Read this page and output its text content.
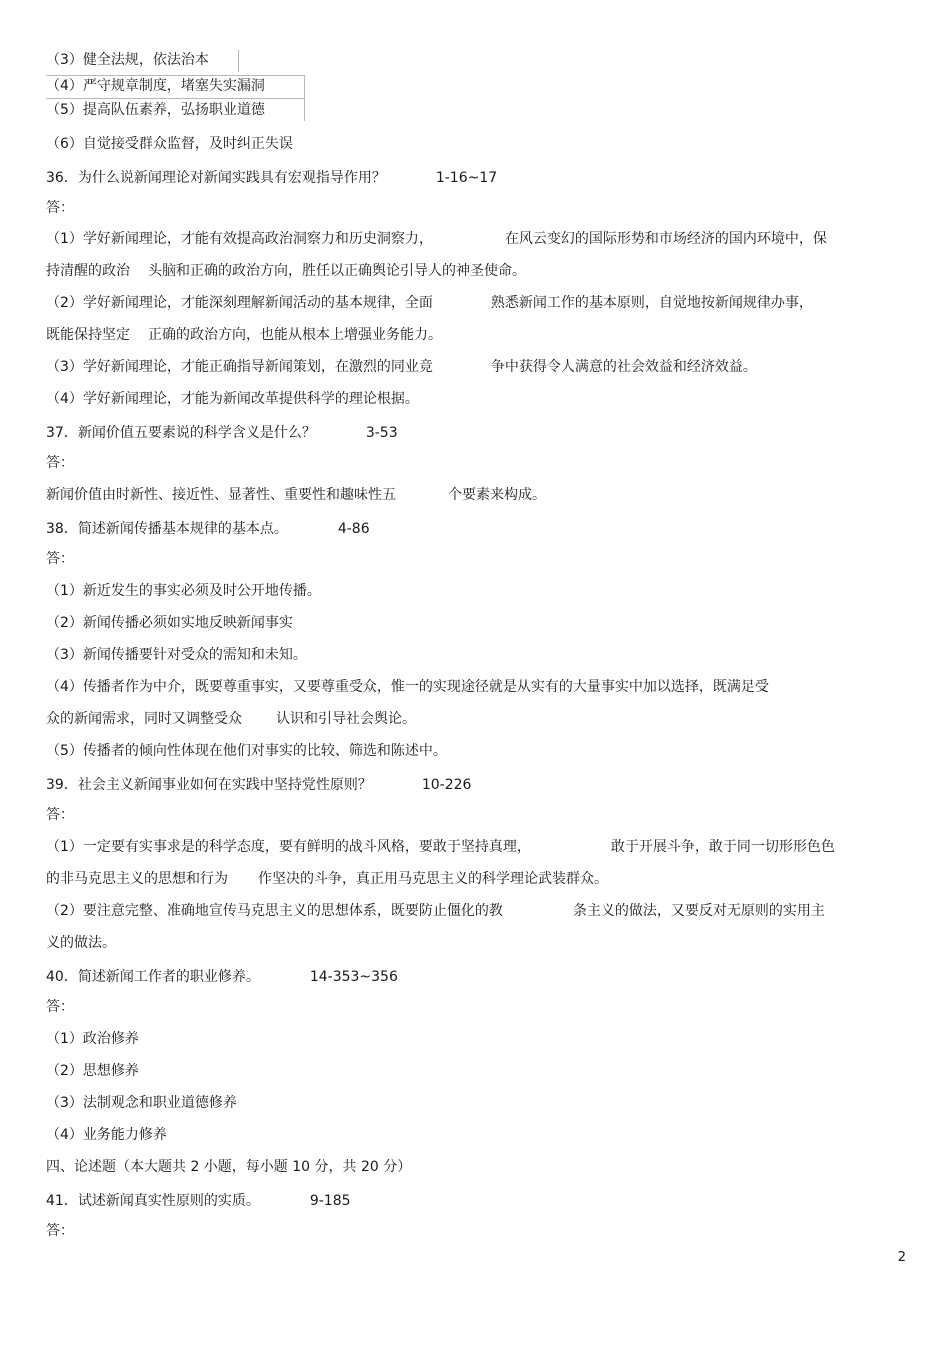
（3）健全法规，依法治本
（4）严守规章制度，堵塞失实漏洞
（5）提高队伍素养，弘扬职业道德
（6）自觉接受群众监督，及时纠正失误
36．为什么说新闻理论对新闻实践具有宏观指导作用？	1-16~17
答：
（1）学好新闻理论，才能有效提高政治洞察力和历史洞察力，	在风云变幻的国际形势和市场经济的国内环境中，保
持清醒的政治 头脑和正确的政治方向，胜任以正确舆论引导人的神圣使命。
（2）学好新闻理论，才能深刻理解新闻活动的基本规律，全面	熟悉新闻工作的基本原则，自觉地按新闻规律办事，
既能保持坚定 正确的政治方向，也能从根本上增强业务能力。
（3）学好新闻理论，才能正确指导新闻策划，在激烈的同业竞	争中获得令人满意的社会效益和经济效益。
（4）学好新闻理论，才能为新闻改革提供科学的理论根据。
37．新闻价值五要素说的科学含义是什么？	3-53
答：
新闻价值由时新性、接近性、显著性、重要性和趣味性五	个要素来构成。
38．简述新闻传播基本规律的基本点。	4-86
答：
（1）新近发生的事实必须及时公开地传播。
（2）新闻传播必须如实地反映新闻事实
（3）新闻传播要针对受众的需知和未知。
（4）传播者作为中介，既要尊重事实，又要尊重受众，惟一的实现途径就是从实有的大量事实中加以选择，既满足受
众的新闻需求，同时又调整受众 认识和引导社会舆论。
（5）传播者的倾向性体现在他们对事实的比较、筛选和陈述中。
39．社会主义新闻事业如何在实践中坚持党性原则？	10-226
答：
（1）一定要有实事求是的科学态度，要有鲜明的战斗风格，要敢于坚持真理，	敢于开展斗争，敢于同一切形形色色
的非马克思主义的思想和行为 作坚决的斗争，真正用马克思主义的科学理论武装群众。
（2）要注意完整、准确地宣传马克思主义的思想体系，既要防止僵化的教	条主义的做法，又要反对无原则的实用主
义的做法。
40．简述新闻工作者的职业修养。	14-353~356
答：
（1）政治修养
（2）思想修养
（3）法制观念和职业道德修养
（4）业务能力修养
四、论述题（本大题共 2 小题，每小题 10 分，共 20 分）
41．试述新闻真实性原则的实质。	9-185
答：
2
